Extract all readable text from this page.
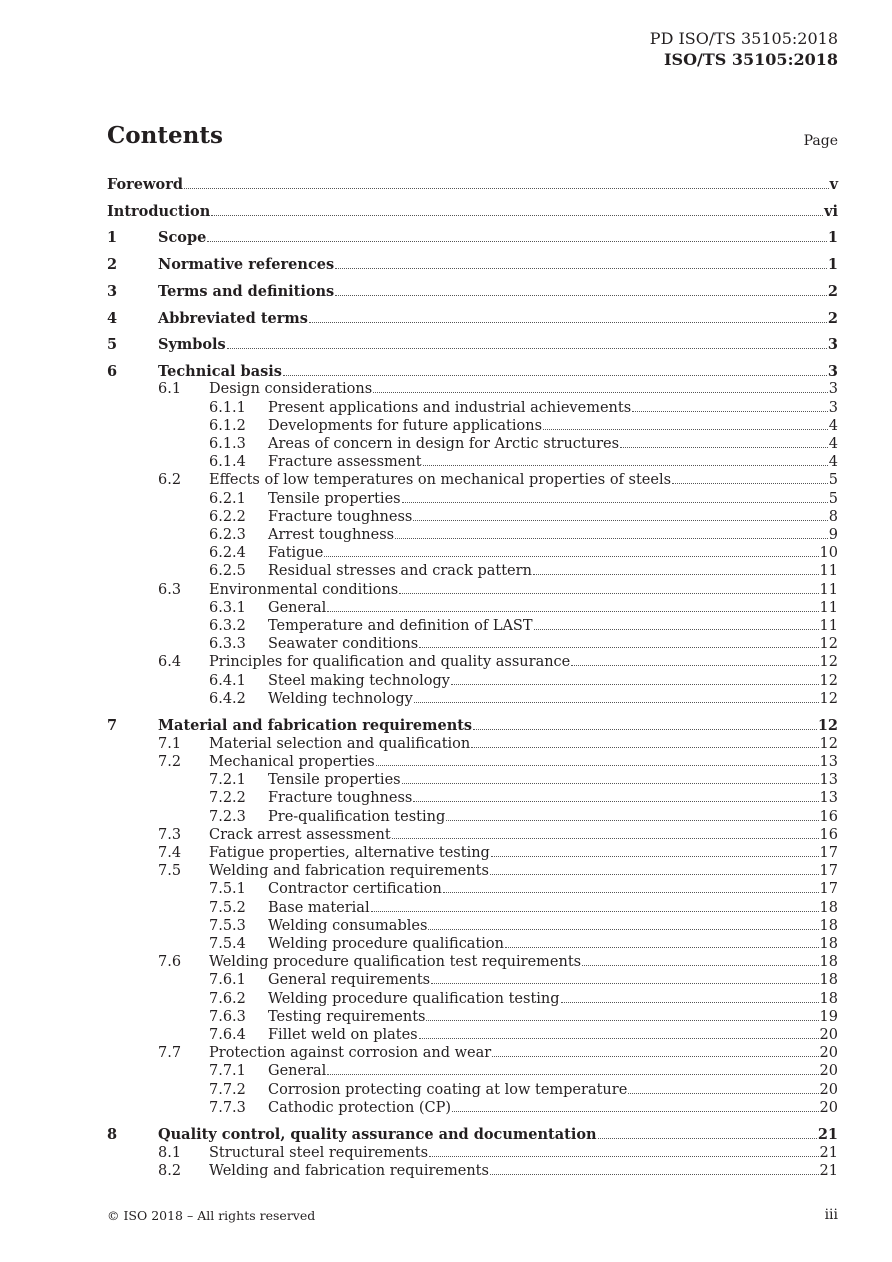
PD ISO/TS 35105:2018
ISO/TS 35105:2018
Contents	Page
Foreword	v
Introduction	vi
1	Scope	1
2	Normative references	1
3	Terms and definitions	2
4	Abbreviated terms	2
5	Symbols	3
6	Technical basis	3
6.1 Design considerations	3
6.1.1 Present applications and industrial achievements	3
6.1.2 Developments for future applications	4
6.1.3 Areas of concern in design for Arctic structures	4
6.1.4 Fracture assessment	4
6.2 Effects of low temperatures on mechanical properties of steels	5
6.2.1 Tensile properties	5
6.2.2 Fracture toughness	8
6.2.3 Arrest toughness	9
6.2.4 Fatigue	10
6.2.5 Residual stresses and crack pattern	11
6.3 Environmental conditions	11
6.3.1 General	11
6.3.2 Temperature and definition of LAST	11
6.3.3 Seawater conditions	12
6.4 Principles for qualification and quality assurance	12
6.4.1 Steel making technology	12
6.4.2 Welding technology	12
7	Material and fabrication requirements	12
7.1 Material selection and qualification	12
7.2 Mechanical properties	13
7.2.1 Tensile properties	13
7.2.2 Fracture toughness	13
7.2.3 Pre-qualification testing	16
7.3 Crack arrest assessment	16
7.4 Fatigue properties, alternative testing	17
7.5 Welding and fabrication requirements	17
7.5.1 Contractor certification	17
7.5.2 Base material	18
7.5.3 Welding consumables	18
7.5.4 Welding procedure qualification	18
7.6 Welding procedure qualification test requirements	18
7.6.1 General requirements	18
7.6.2 Welding procedure qualification testing	18
7.6.3 Testing requirements	19
7.6.4 Fillet weld on plates	20
7.7 Protection against corrosion and wear	20
7.7.1 General	20
7.7.2 Corrosion protecting coating at low temperature	20
7.7.3 Cathodic protection (CP)	20
8	Quality control, quality assurance and documentation	21
8.1 Structural steel requirements	21
8.2 Welding and fabrication requirements	21
© ISO 2018 – All rights reserved	iii
